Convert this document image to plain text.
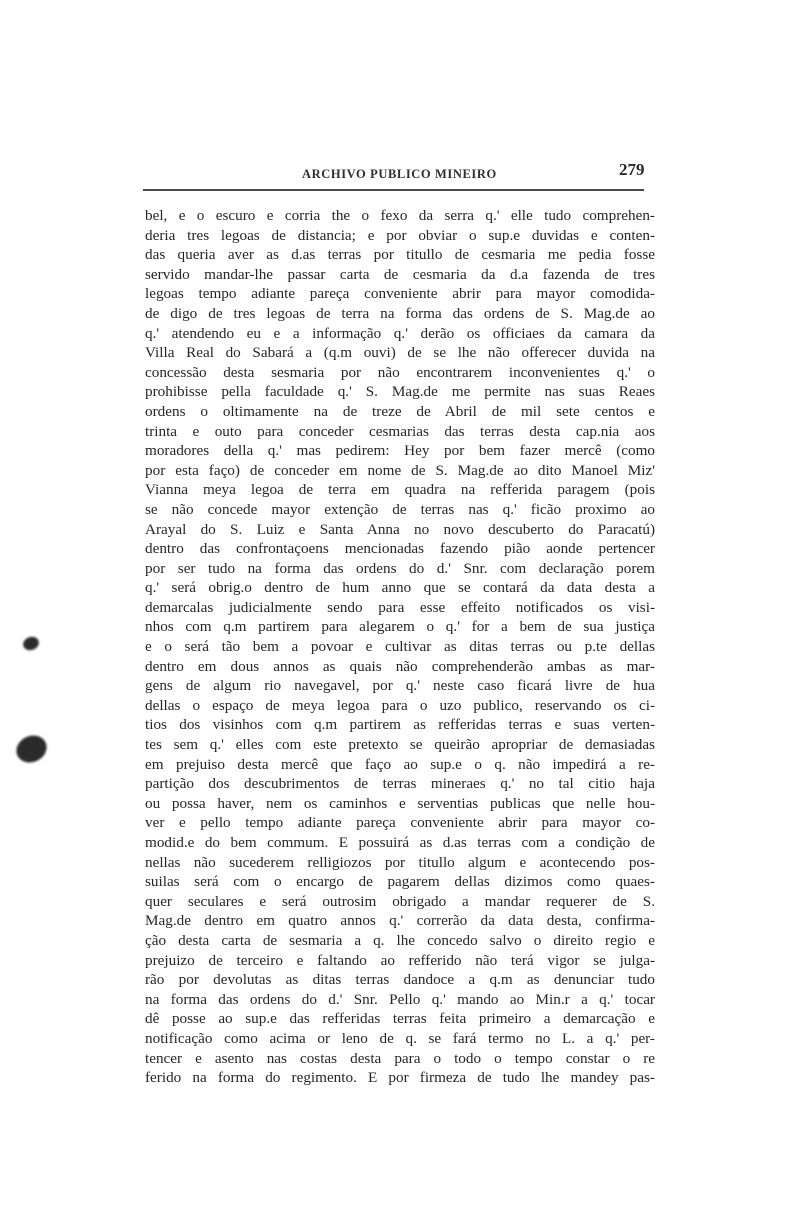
ARCHIVO PUBLICO MINEIRO	279
bel, e o escuro e corria the o fexo da serra q.' elle tudo comprehen-
deria tres legoas de distancia; e por obviar o sup.e duvidas e conten-
das queria aver as d.as terras por titullo de cesmaria me pedia fosse
servido mandar-lhe passar carta de cesmaria da d.a fazenda de tres
legoas tempo adiante pareça conveniente abrir para mayor comodida-
de digo de tres legoas de terra na forma das ordens de S. Mag.de ao
q.' atendendo eu e a informação q.' derão os officiaes da camara da
Villa Real do Sabará a (q.m ouvi) de se lhe não offerecer duvida na
concessão desta sesmaria por não encontrarem inconvenientes q.' o
prohibisse pella faculdade q.' S. Mag.de me permite nas suas Reaes
ordens o oltimamente na de treze de Abril de mil sete centos e
trinta e outo para conceder cesmarias das terras desta cap.nia aos
moradores della q.' mas pedirem: Hey por bem fazer mercê (como
por esta faço) de conceder em nome de S. Mag.de ao dito Manoel Miz'
Vianna meya legoa de terra em quadra na refferida paragem (pois
se não concede mayor extenção de terras nas q.' ficão proximo ao
Arayal do S. Luiz e Santa Anna no novo descuberto do Paracatú)
dentro das confrontaçoens mencionadas fazendo pião aonde pertencer
por ser tudo na forma das ordens do d.' Snr. com declaração porem
q.' será obrig.o dentro de hum anno que se contará da data desta a
demarcalas judicialmente sendo para esse effeito notificados os visi-
nhos com q.m partirem para alegarem o q.' for a bem de sua justiça
e o será tão bem a povoar e cultivar as ditas terras ou p.te dellas
dentro em dous annos as quais não comprehenderão ambas as mar-
gens de algum rio navegavel, por q.' neste caso ficará livre de hua
dellas o espaço de meya legoa para o uzo publico, reservando os ci-
tios dos visinhos com q.m partirem as refferidas terras e suas verten-
tes sem q.' elles com este pretexto se queirão apropriar de demasiadas
em prejuiso desta mercê que faço ao sup.e o q. não impedirá a re-
partição dos descubrimentos de terras mineraes q.' no tal citio haja
ou possa haver, nem os caminhos e serventias publicas que nelle hou-
ver e pello tempo adiante pareça conveniente abrir para mayor co-
modid.e do bem commum. E possuirá as d.as terras com a condição de
nellas não sucederem relligiozos por titullo algum e acontecendo pos-
suilas será com o encargo de pagarem dellas dizimos como quaes-
quer seculares e será outrosim obrigado a mandar requerer de S.
Mag.de dentro em quatro annos q.' correrão da data desta, confirma-
ção desta carta de sesmaria a q. lhe concedo salvo o direito regio e
prejuizo de terceiro e faltando ao refferido não terá vigor se julga-
rão por devolutas as ditas terras dandoce a q.m as denunciar tudo
na forma das ordens do d.' Snr. Pello q.' mando ao Min.r a q.' tocar
dê posse ao sup.e das refferidas terras feita primeiro a demarcação e
notificação como acima or leno de q. se fará termo no L. a q.' per-
tencer e asento nas costas desta para o todo o tempo constar o re
ferido na forma do regimento. E por firmeza de tudo lhe mandey pas-
